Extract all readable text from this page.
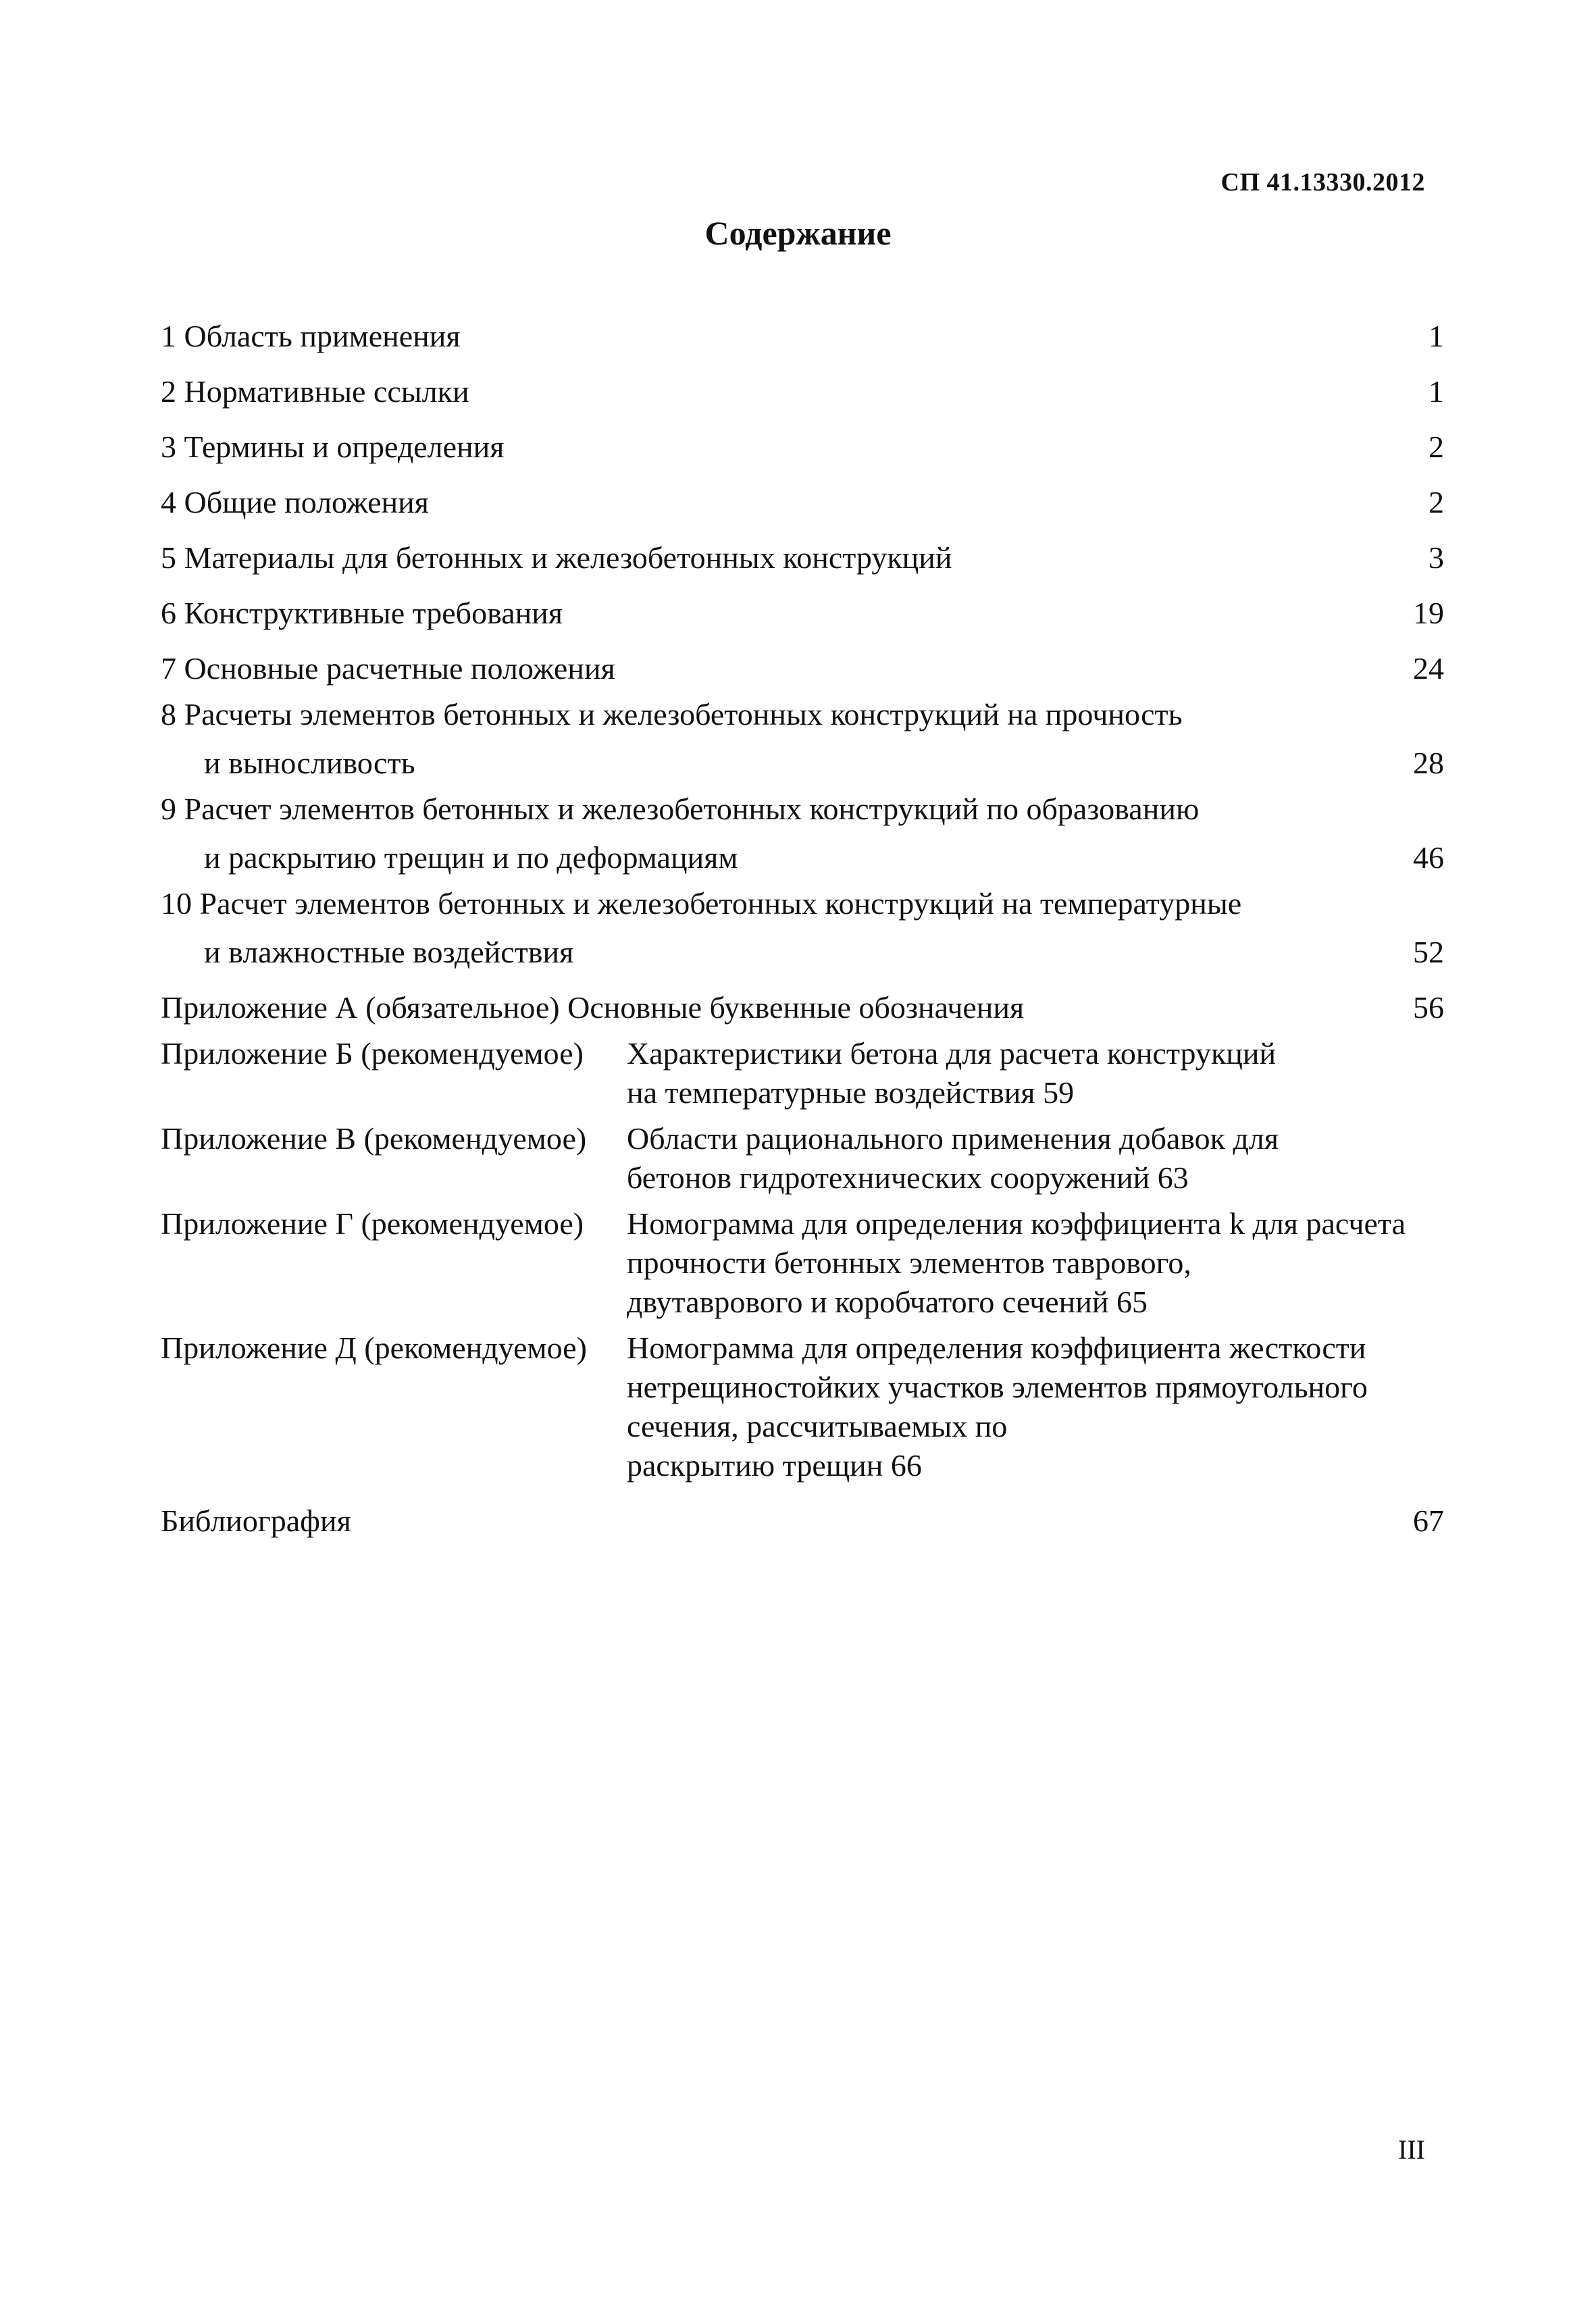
СП 41.13330.2012
Содержание
1 Область применения	1
2 Нормативные ссылки	1
3 Термины и определения	2
4 Общие положения	2
5 Материалы для бетонных и железобетонных конструкций	3
6 Конструктивные требования	19
7 Основные расчетные положения	24
8 Расчеты элементов бетонных и железобетонных конструкций на прочность
и выносливость	28
9 Расчет элементов бетонных и железобетонных конструкций по образованию
и раскрытию трещин и по деформациям	46
10 Расчет элементов бетонных и железобетонных конструкций на температурные
и влажностные воздействия	52
Приложение А (обязательное) Основные буквенные обозначения	56
Приложение Б (рекомендуемое)	Характеристики бетона для расчета конструкций
на температурные воздействия 59
Приложение В (рекомендуемое)	Области рационального применения добавок для
бетонов гидротехнических сооружений 63
Приложение Г (рекомендуемое)	Номограмма для определения коэффициента k для расчета прочности бетонных элементов таврового,
двутаврового и коробчатого сечений 65
Приложение Д (рекомендуемое)	Номограмма для определения коэффициента жесткости нетрещиностойких участков элементов прямоугольного сечения, рассчитываемых по
раскрытию трещин 66
Библиография	67
III
